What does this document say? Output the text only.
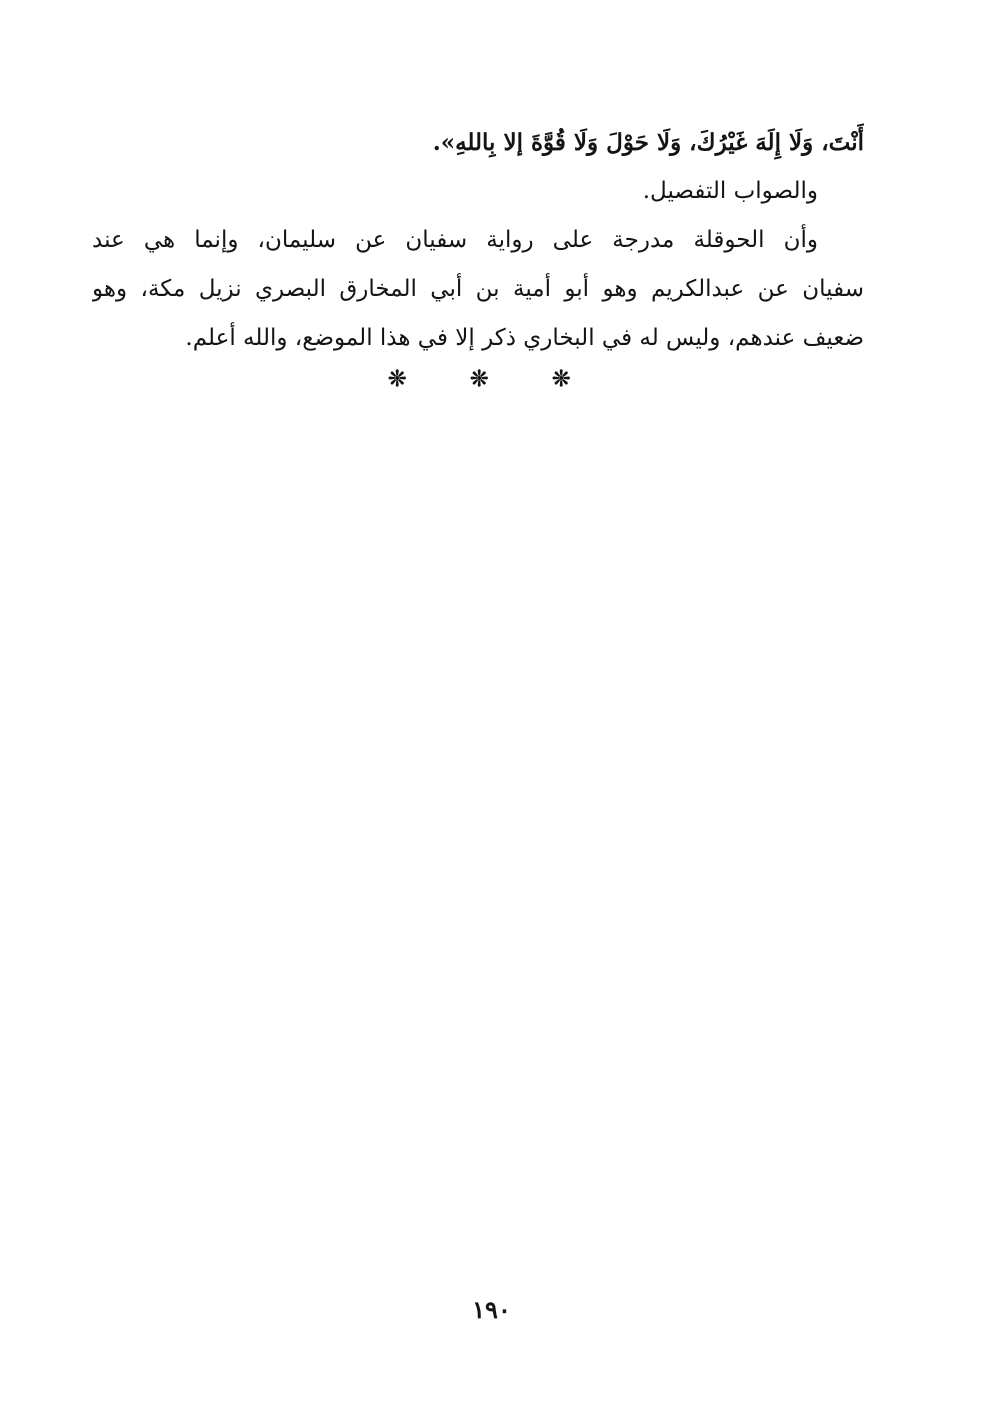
أَنْتَ، وَلَا إِلَهَ غَيْرُكَ، وَلَا حَوْلَ وَلَا قُوَّةَ إلا بِاللهِ».
والصواب التفصيل.
وأن الحوقلة مدرجة على رواية سفيان عن سليمان، وإنما هي عند
سفيان عن عبدالكريم وهو أبو أمية بن أبي المخارق البصري نزيل مكة، وهو
ضعيف عندهم، وليس له في البخاري ذكر إلا في هذا الموضع، والله أعلم.
❊	❊	❊
١٩٠
